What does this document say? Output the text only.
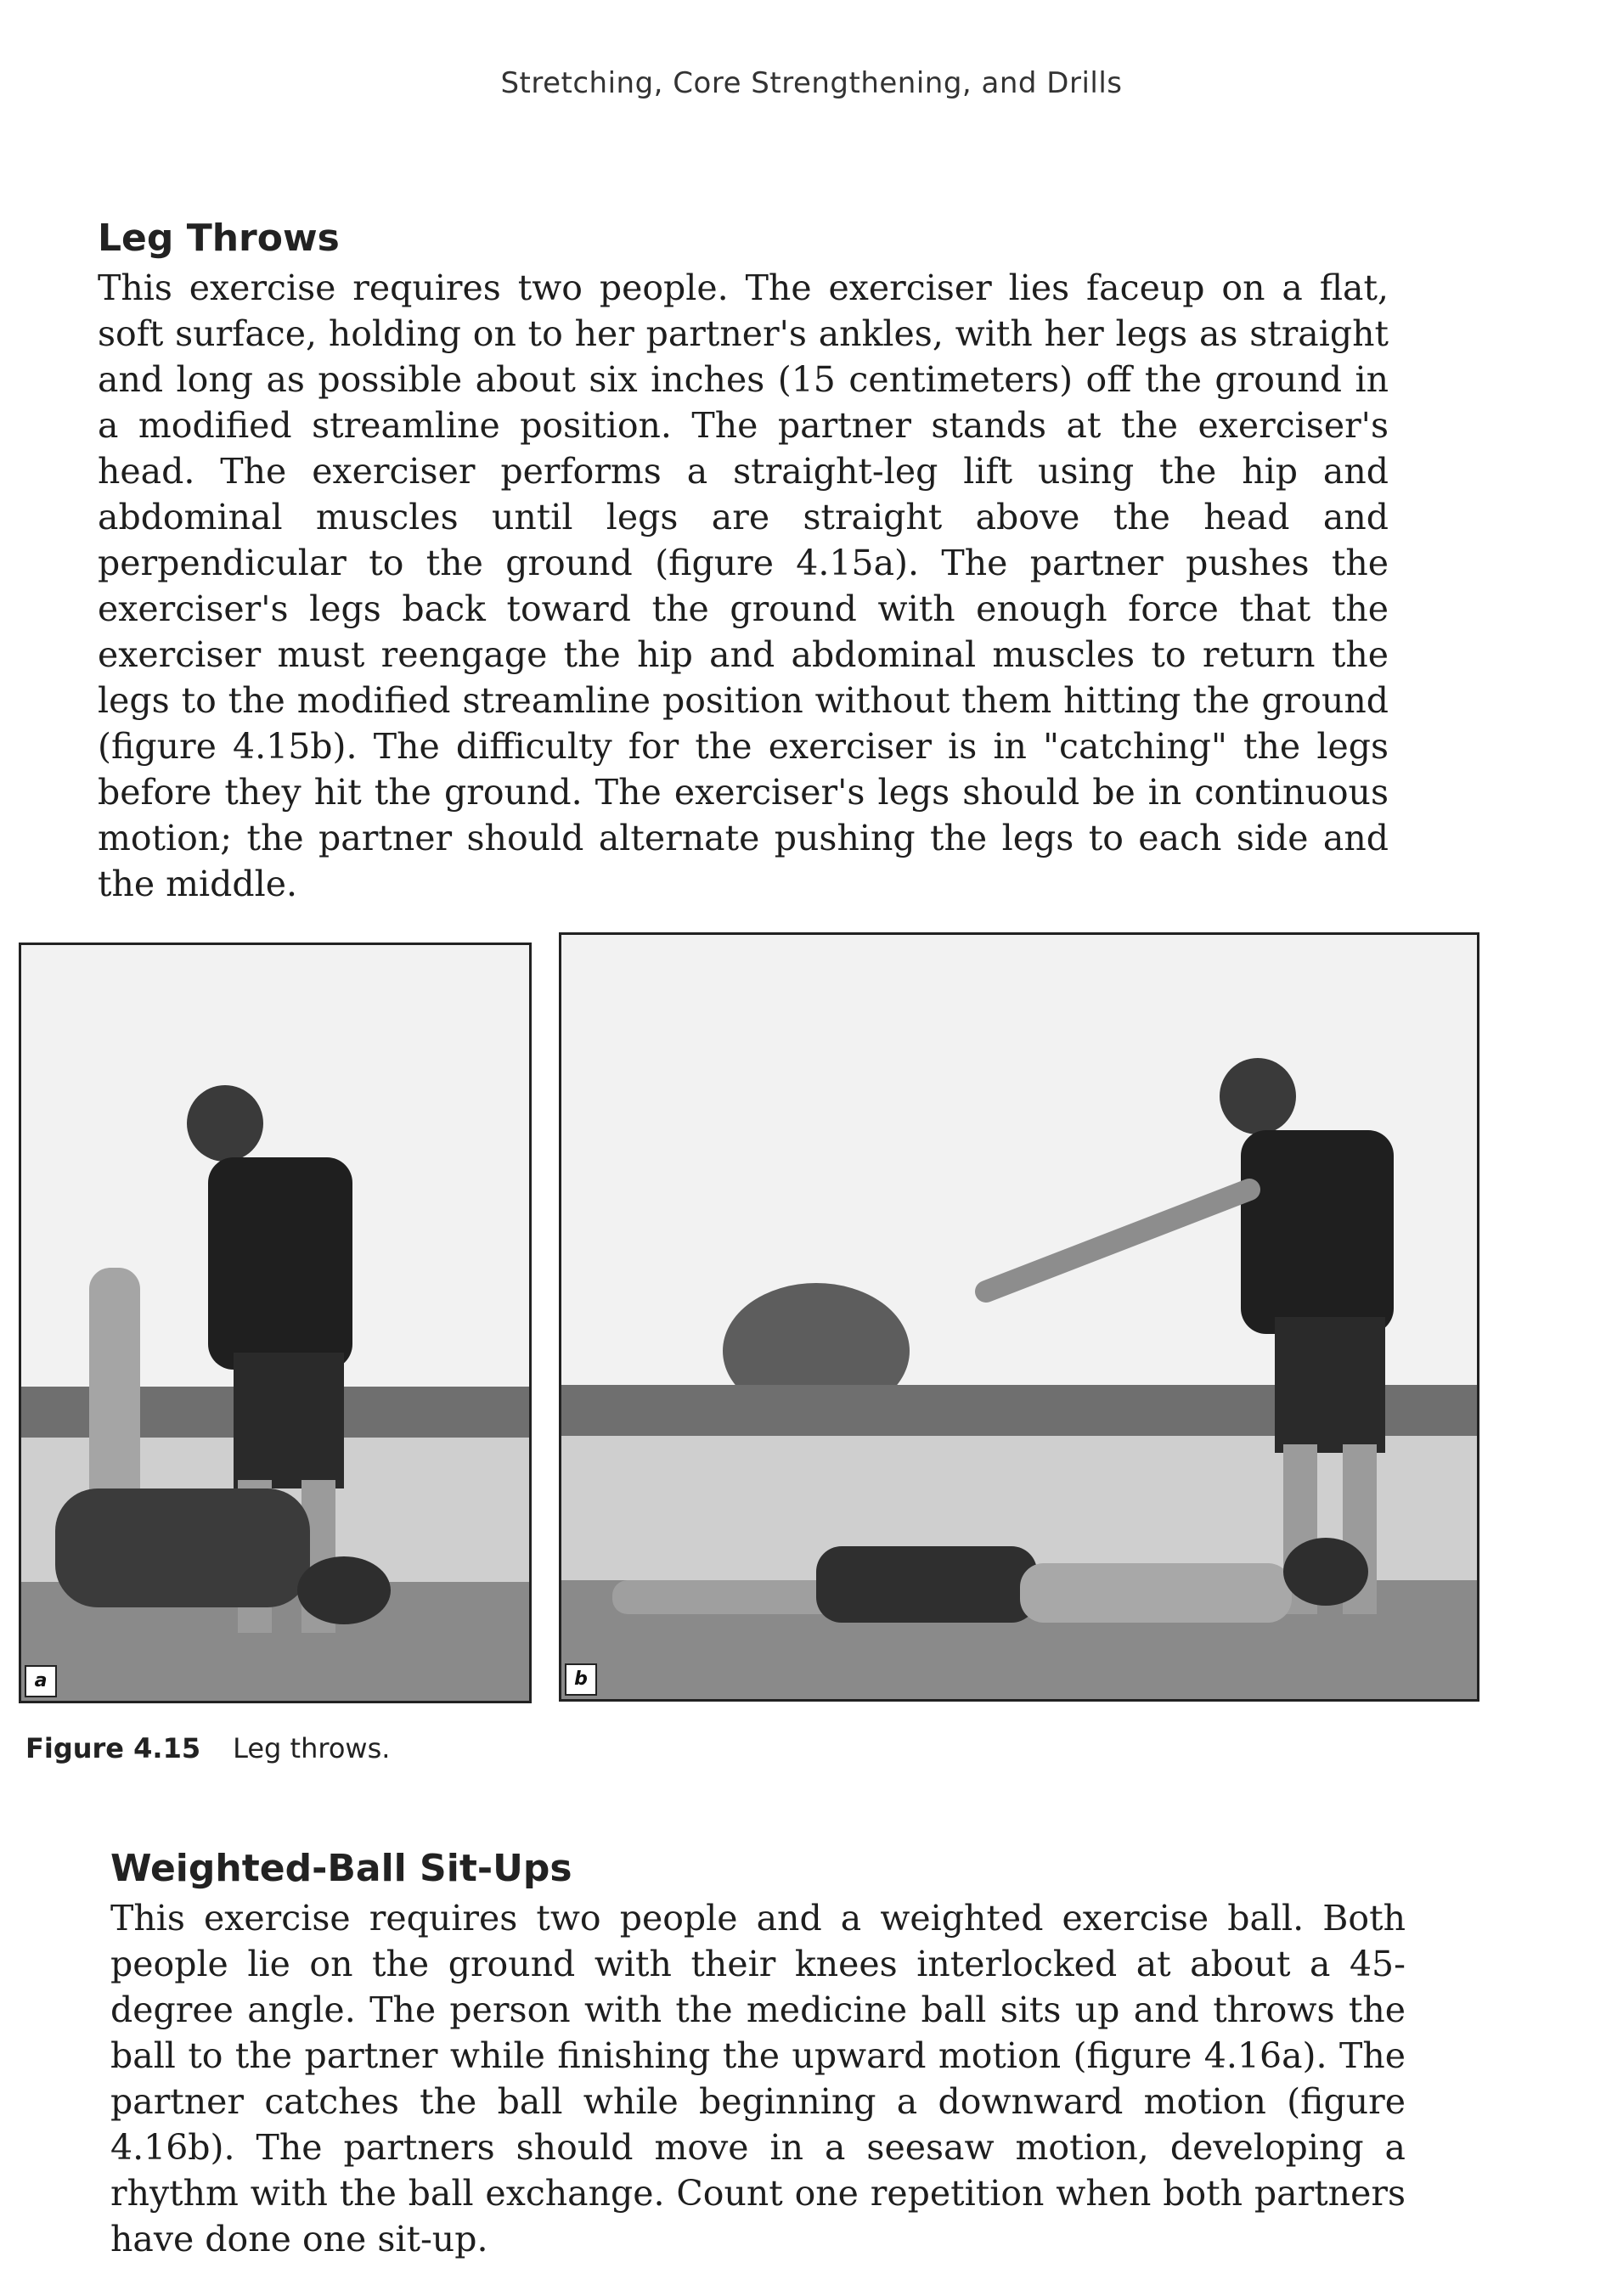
Stretching, Core Strengthening, and Drills
Leg Throws

This exercise requires two people. The exerciser lies faceup on a flat, soft surface, holding on to her partner's ankles, with her legs as straight and long as possible about six inches (15 centimeters) off the ground in a modified streamline position. The partner stands at the exerciser's head. The exerciser performs a straight-leg lift using the hip and abdominal muscles until legs are straight above the head and perpendicular to the ground (figure 4.15a). The partner pushes the exerciser's legs back toward the ground with enough force that the exerciser must reengage the hip and abdominal muscles to return the legs to the modified streamline position without them hitting the ground (figure 4.15b). The difficulty for the exerciser is in "catching" the legs before they hit the ground. The exerciser's legs should be in continuous motion; the partner should alternate pushing the legs to each side and the middle.

a	b
Figure 4.15 Leg throws.
Weighted-Ball Sit-Ups

This exercise requires two people and a weighted exercise ball. Both people lie on the ground with their knees interlocked at about a 45-degree angle. The person with the medicine ball sits up and throws the ball to the partner while finishing the upward motion (figure 4.16a). The partner catches the ball while beginning a downward motion (figure 4.16b). The partners should move in a seesaw motion, developing a rhythm with the ball exchange. Count one repetition when both partners have done one sit-up.
